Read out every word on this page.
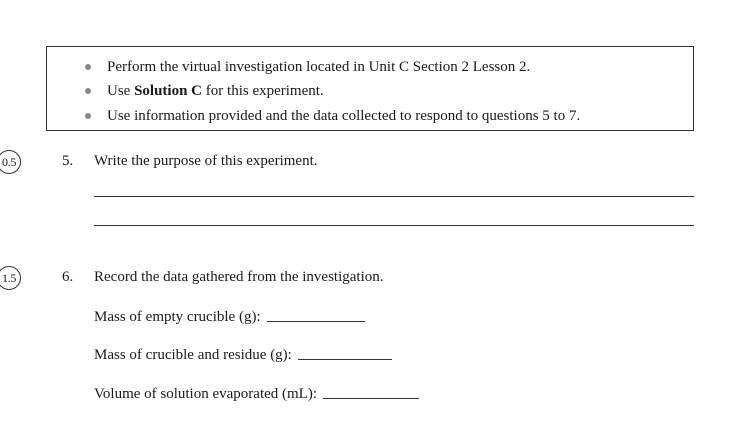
Perform the virtual investigation located in Unit C Section 2 Lesson 2.
Use Solution C for this experiment.
Use information provided and the data collected to respond to questions 5 to 7.
0.5	5. Write the purpose of this experiment.
1.5	6. Record the data gathered from the investigation.
Mass of empty crucible (g):
Mass of crucible and residue (g):
Volume of solution evaporated (mL):
